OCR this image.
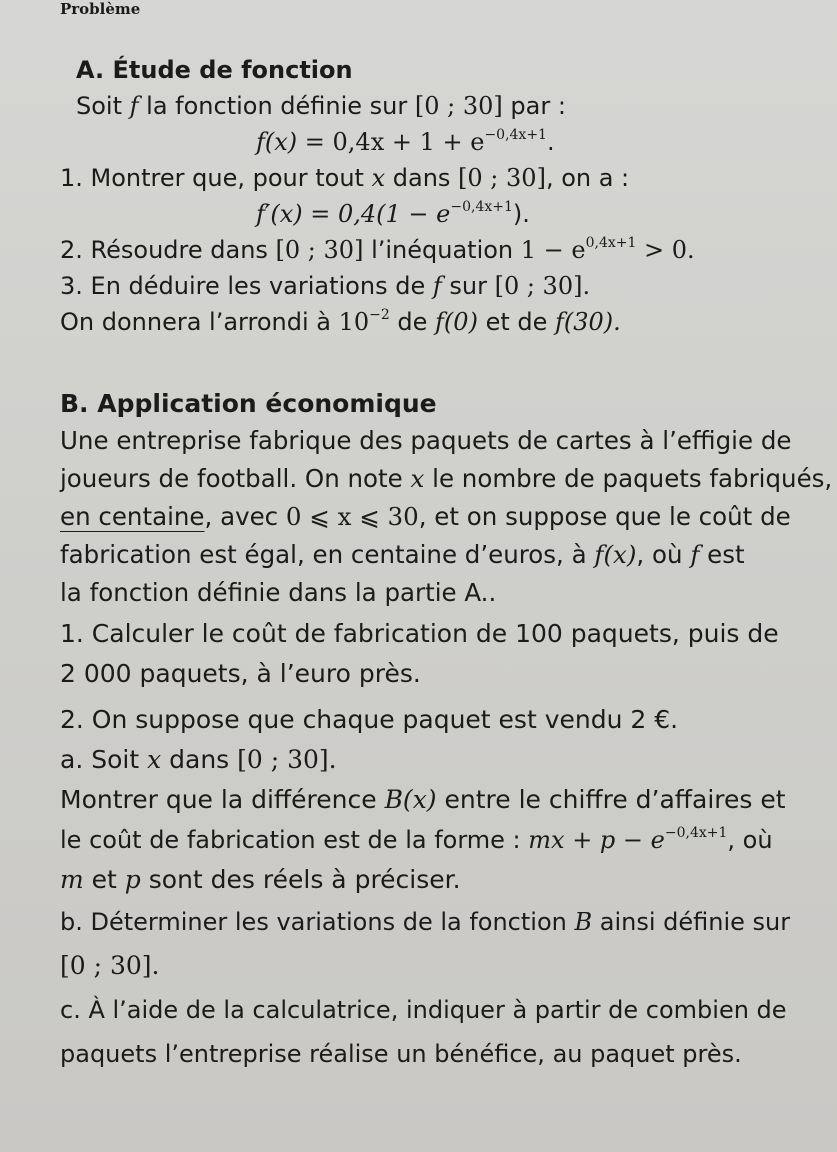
Problème
A. Étude de fonction
Soit f la fonction définie sur [0 ; 30] par :
$f(x) = 0,4x + 1 + e^{-0,4x+1}$.
1. Montrer que, pour tout x dans [0 ; 30], on a :
$f'(x) = 0,4(1 - e^{-0,4x+1})$.
2. Résoudre dans [0 ; 30] l’inéquation $1 - e^{0,4x+1} > 0$.
3. En déduire les variations de f sur [0 ; 30].
On donnera l’arrondi à $10^{-2}$ de f(0) et de f(30).
B. Application économique
Une entreprise fabrique des paquets de cartes à l’effigie de
joueurs de football. On note x le nombre de paquets fabriqués,
en centaine, avec 0 ⩽ x ⩽ 30, et on suppose que le coût de
fabrication est égal, en centaine d’euros, à f(x), où f est
la fonction définie dans la partie A..
1. Calculer le coût de fabrication de 100 paquets, puis de
2 000 paquets, à l’euro près.
2. On suppose que chaque paquet est vendu 2 €.
a. Soit x dans [0 ; 30].
Montrer que la différence B(x) entre le chiffre d’affaires et
le coût de fabrication est de la forme : mx + $p - e^{-0,4x+1}$, où
m et p sont des réels à préciser.
b. Déterminer les variations de la fonction B ainsi définie sur
[0 ; 30].
c. À l’aide de la calculatrice, indiquer à partir de combien de
paquets l’entreprise réalise un bénéfice, au paquet près.
